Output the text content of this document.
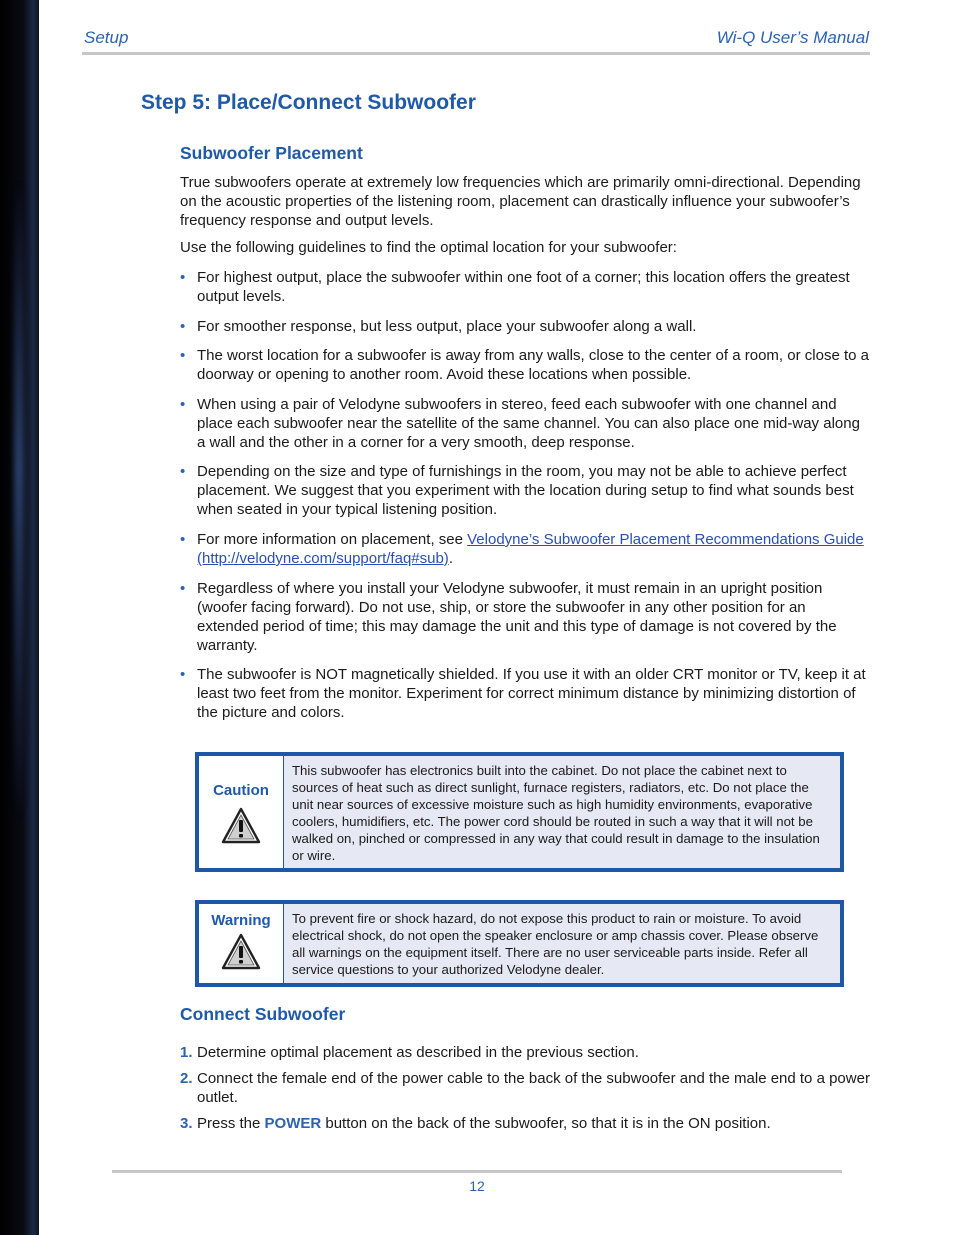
Setup	Wi-Q User’s Manual
Step 5: Place/Connect Subwoofer
Subwoofer Placement

True subwoofers operate at extremely low frequencies which are primarily omni-directional. Depending on the acoustic properties of the listening room, placement can drastically influence your subwoofer’s frequency response and output levels.

Use the following guidelines to find the optimal location for your subwoofer:

• For highest output, place the subwoofer within one foot of a corner; this location offers the greatest output levels.
• For smoother response, but less output, place your subwoofer along a wall.
• The worst location for a subwoofer is away from any walls, close to the center of a room, or close to a doorway or opening to another room. Avoid these locations when possible.
• When using a pair of Velodyne subwoofers in stereo, feed each subwoofer with one channel and place each subwoofer near the satellite of the same channel. You can also place one mid-way along a wall and the other in a corner for a very smooth, deep response.
• Depending on the size and type of furnishings in the room, you may not be able to achieve perfect placement. We suggest that you experiment with the location during setup to find what sounds best when seated in your typical listening position.
• For more information on placement, see Velodyne’s Subwoofer Placement Recommendations Guide (http://velodyne.com/support/faq#sub).
• Regardless of where you install your Velodyne subwoofer, it must remain in an upright position (woofer facing forward). Do not use, ship, or store the subwoofer in any other position for an extended period of time; this may damage the unit and this type of damage is not covered by the warranty.
• The subwoofer is NOT magnetically shielded. If you use it with an older CRT monitor or TV, keep it at least two feet from the monitor. Experiment for correct minimum distance by minimizing distortion of the picture and colors.
Caution
This subwoofer has electronics built into the cabinet. Do not place the cabinet next to sources of heat such as direct sunlight, furnace registers, radiators, etc. Do not place the unit near sources of excessive moisture such as high humidity environments, evaporative coolers, humidifiers, etc. The power cord should be routed in such a way that it will not be walked on, pinched or compressed in any way that could result in damage to the insulation or wire.
Warning	To prevent fire or shock hazard, do not expose this product to rain or moisture. To avoid electrical shock, do not open the speaker enclosure or amp chassis cover. Please observe all warnings on the equipment itself. There are no user serviceable parts inside. Refer all service questions to your authorized Velodyne dealer.
Connect Subwoofer
1. Determine optimal placement as described in the previous section.
2. Connect the female end of the power cable to the back of the subwoofer and the male end to a power outlet.
3. Press the POWER button on the back of the subwoofer, so that it is in the ON position.
12
